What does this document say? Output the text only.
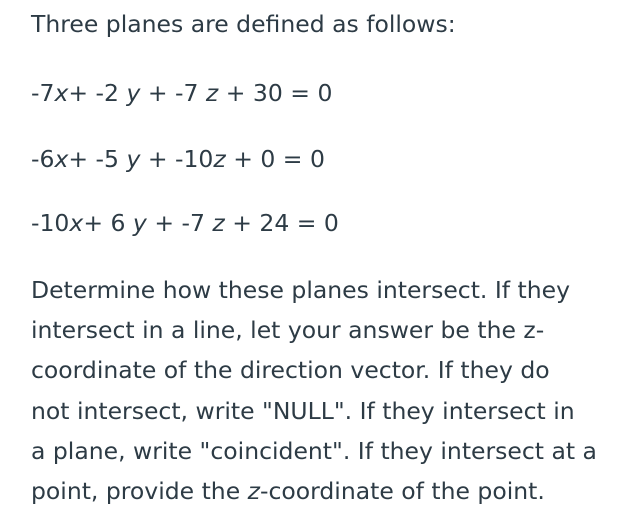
Three planes are defined as follows:
-7x+ -2 y + -7 z + 30 = 0
-6x+ -5 y + -10z + 0 = 0
-10x+ 6 y + -7 z + 24 = 0
Determine how these planes intersect. If they
intersect in a line, let your answer be the z-
coordinate of the direction vector. If they do
not intersect, write "NULL". If they intersect in
a plane, write "coincident". If they intersect at a
point, provide the z-coordinate of the point.
